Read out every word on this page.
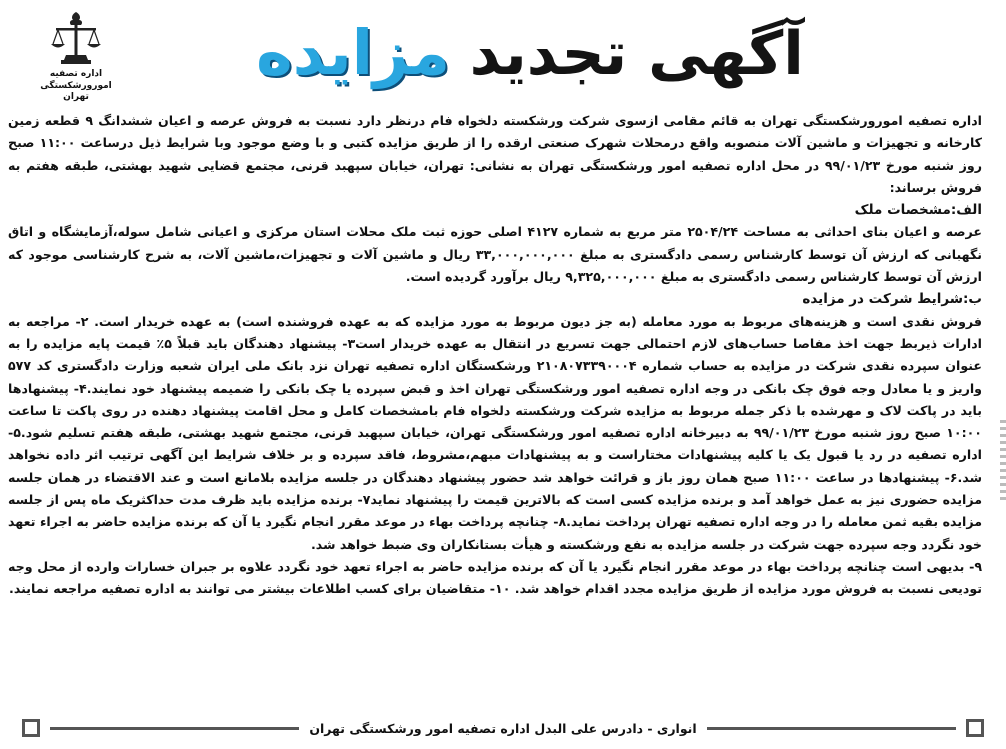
اداره تصفیه
امورورشکستگی تهران
آگهی تجدید مزایده

اداره تصفیه امورورشکستگی تهران به قائم مقامی ازسوی شرکت ورشکسته دلخواه فام درنظر دارد نسبت به فروش عرصه و اعیان ششدانگ ۹ قطعه زمین کارخانه و تجهیزات و ماشین آلات منصوبه واقع درمحلات شهرک صنعتی ارقده را از طریق مزایده کتبی و با وضع موجود وبا شرایط ذیل درساعت ۱۱:۰۰ صبح روز شنبه مورخ ۹۹/۰۱/۲۳ در محل اداره تصفیه امور ورشکستگی تهران به نشانی: تهران، خیابان سپهبد قرنی، مجتمع قضایی شهید بهشتی، طبقه هفتم به فروش برساند:

الف:مشخصات ملک

عرصه و اعیان بنای احداثی به مساحت ۲۵۰۴/۲۴ متر مربع به شماره ۴۱۲۷ اصلی حوزه ثبت ملک محلات استان مرکزی و اعیانی شامل سوله،آزمایشگاه و اتاق نگهبانی که ارزش آن توسط کارشناس رسمی دادگستری به مبلغ ۳۳,۰۰۰,۰۰۰,۰۰۰ ریال و ماشین آلات و تجهیزات،ماشین آلات، به شرح کارشناسی موجود که ارزش آن توسط کارشناس رسمی دادگستری به مبلغ ۹,۳۲۵,۰۰۰,۰۰۰ ریال برآورد گردیده است.

ب:شرایط شرکت در مزایده

فروش نقدی است و هزینه‌های مربوط به مورد معامله (به جز دیون مربوط به مورد مزایده که به عهده فروشنده است) به عهده خریدار است. ۲- مراجعه به ادارات ذیربط جهت اخذ مفاصا حساب‌های لازم احتمالی جهت تسریع در انتقال به عهده خریدار است۳- پیشنهاد دهندگان باید قبلاً ۵٪ قیمت پایه مزایده را به عنوان سپرده نقدی شرکت در مزایده به حساب شماره ۲۱۰۸۰۷۳۳۹۰۰۰۴ ورشکستگان اداره تصفیه تهران نزد بانک ملی ایران شعبه وزارت دادگستری کد ۵۷۷ واریز و یا معادل وجه فوق چک بانکی در وجه اداره تصفیه امور ورشکستگی تهران اخذ و قبض سپرده یا چک بانکی را ضمیمه پیشنهاد خود نمایند.۴- پیشنهادها باید در پاکت لاک و مهرشده با ذکر جمله مربوط به مزایده شرکت ورشکسته دلخواه فام بامشخصات کامل و محل اقامت پیشنهاد دهنده در روی پاکت تا ساعت ۱۰:۰۰ صبح روز شنبه مورخ ۹۹/۰۱/۲۳ به دبیرخانه اداره تصفیه امور ورشکستگی تهران، خیابان سپهبد قرنی، مجتمع شهید بهشتی، طبقه هفتم تسلیم شود.۵- اداره تصفیه در رد یا قبول یک یا کلیه پیشنهادات مختاراست و به پیشنهادات مبهم،مشروط، فاقد سپرده و بر خلاف شرایط این آگهی ترتیب اثر داده نخواهد شد.۶- پیشنهادها در ساعت ۱۱:۰۰ صبح همان روز باز و قرائت خواهد شد حضور پیشنهاد دهندگان در جلسه مزایده بلامانع است و عند الاقتضاء در همان جلسه مزایده حضوری نیز به عمل خواهد آمد و برنده مزایده کسی است که بالاترین قیمت را پیشنهاد نماید۷- برنده مزایده باید ظرف مدت حداکثریک ماه پس از جلسه مزایده بقیه ثمن معامله را در وجه اداره تصفیه تهران پرداخت نماید.۸- چنانچه پرداخت بهاء در موعد مقرر انجام نگیرد یا آن که برنده مزایده حاضر به اجراء تعهد خود نگردد وجه سپرده جهت شرکت در جلسه مزایده به نفع ورشکسته و هیأت بستانکاران وی ضبط خواهد شد.

۹- بدیهی است چنانچه پرداخت بهاء در موعد مقرر انجام نگیرد یا آن که برنده مزایده حاضر به اجراء تعهد خود نگردد علاوه بر جبران خسارات وارده از محل وجه تودیعی نسبت به فروش مورد مزایده از طریق مزایده مجدد اقدام خواهد شد. ۱۰- متقاضیان برای کسب اطلاعات بیشتر می توانند به اداره تصفیه مراجعه نمایند.

انواری - دادرس علی البدل اداره تصفیه امور ورشکستگی تهران
